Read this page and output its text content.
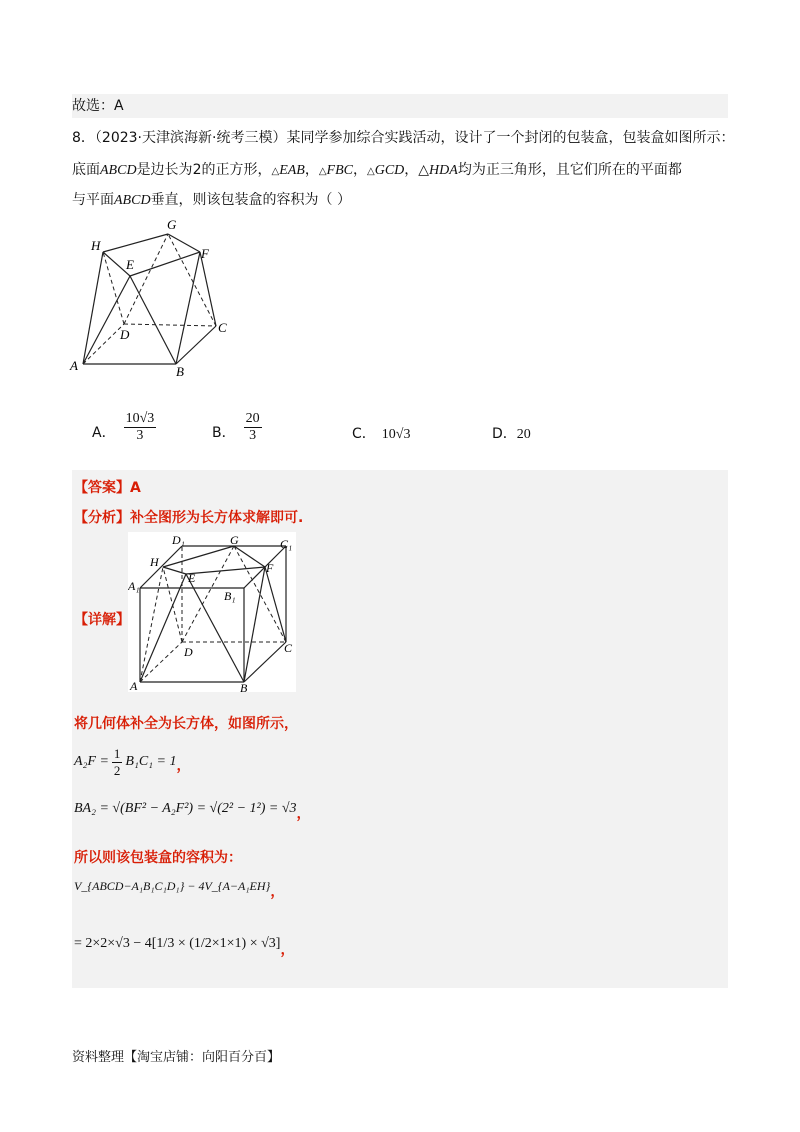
故选：A
8．（2023·天津滨海新·统考三模）某同学参加综合实践活动，设计了一个封闭的包装盒，包装盒如图所示：
底面ABCD是边长为2的正方形，△EAB，△FBC，△GCD，△HDA均为正三角形，且它们所在的平面都
与平面ABCD垂直，则该包装盒的容积为（ ）
H
G
F
E
D	C
A	B
A． $\frac{10√3}{3}$	B． $\frac{20}{3}$	C． 10√3	D．20
【答案】A
【分析】补全图形为长方体求解即可.
【详解】
D₁	G	C₁
H
A₁
E
B₁
F
D	C
A	B
将几何体补全为长方体，如图所示，
$A_2F = \frac{1}{2} B_1C_1 = 1$ ，
BA₂ = √(BF² − A₂F²) = √(2² − 1²) = √3 ，
所以则该包装盒的容积为：
V_{ABCD−A₁B₁C₁D₁} − 4V_{A−A₁EH} ，
= 2×2×√3 − 4[1/3 × (1/2×1×1) × √3] ，
资料整理【淘宝店铺：向阳百分百】
